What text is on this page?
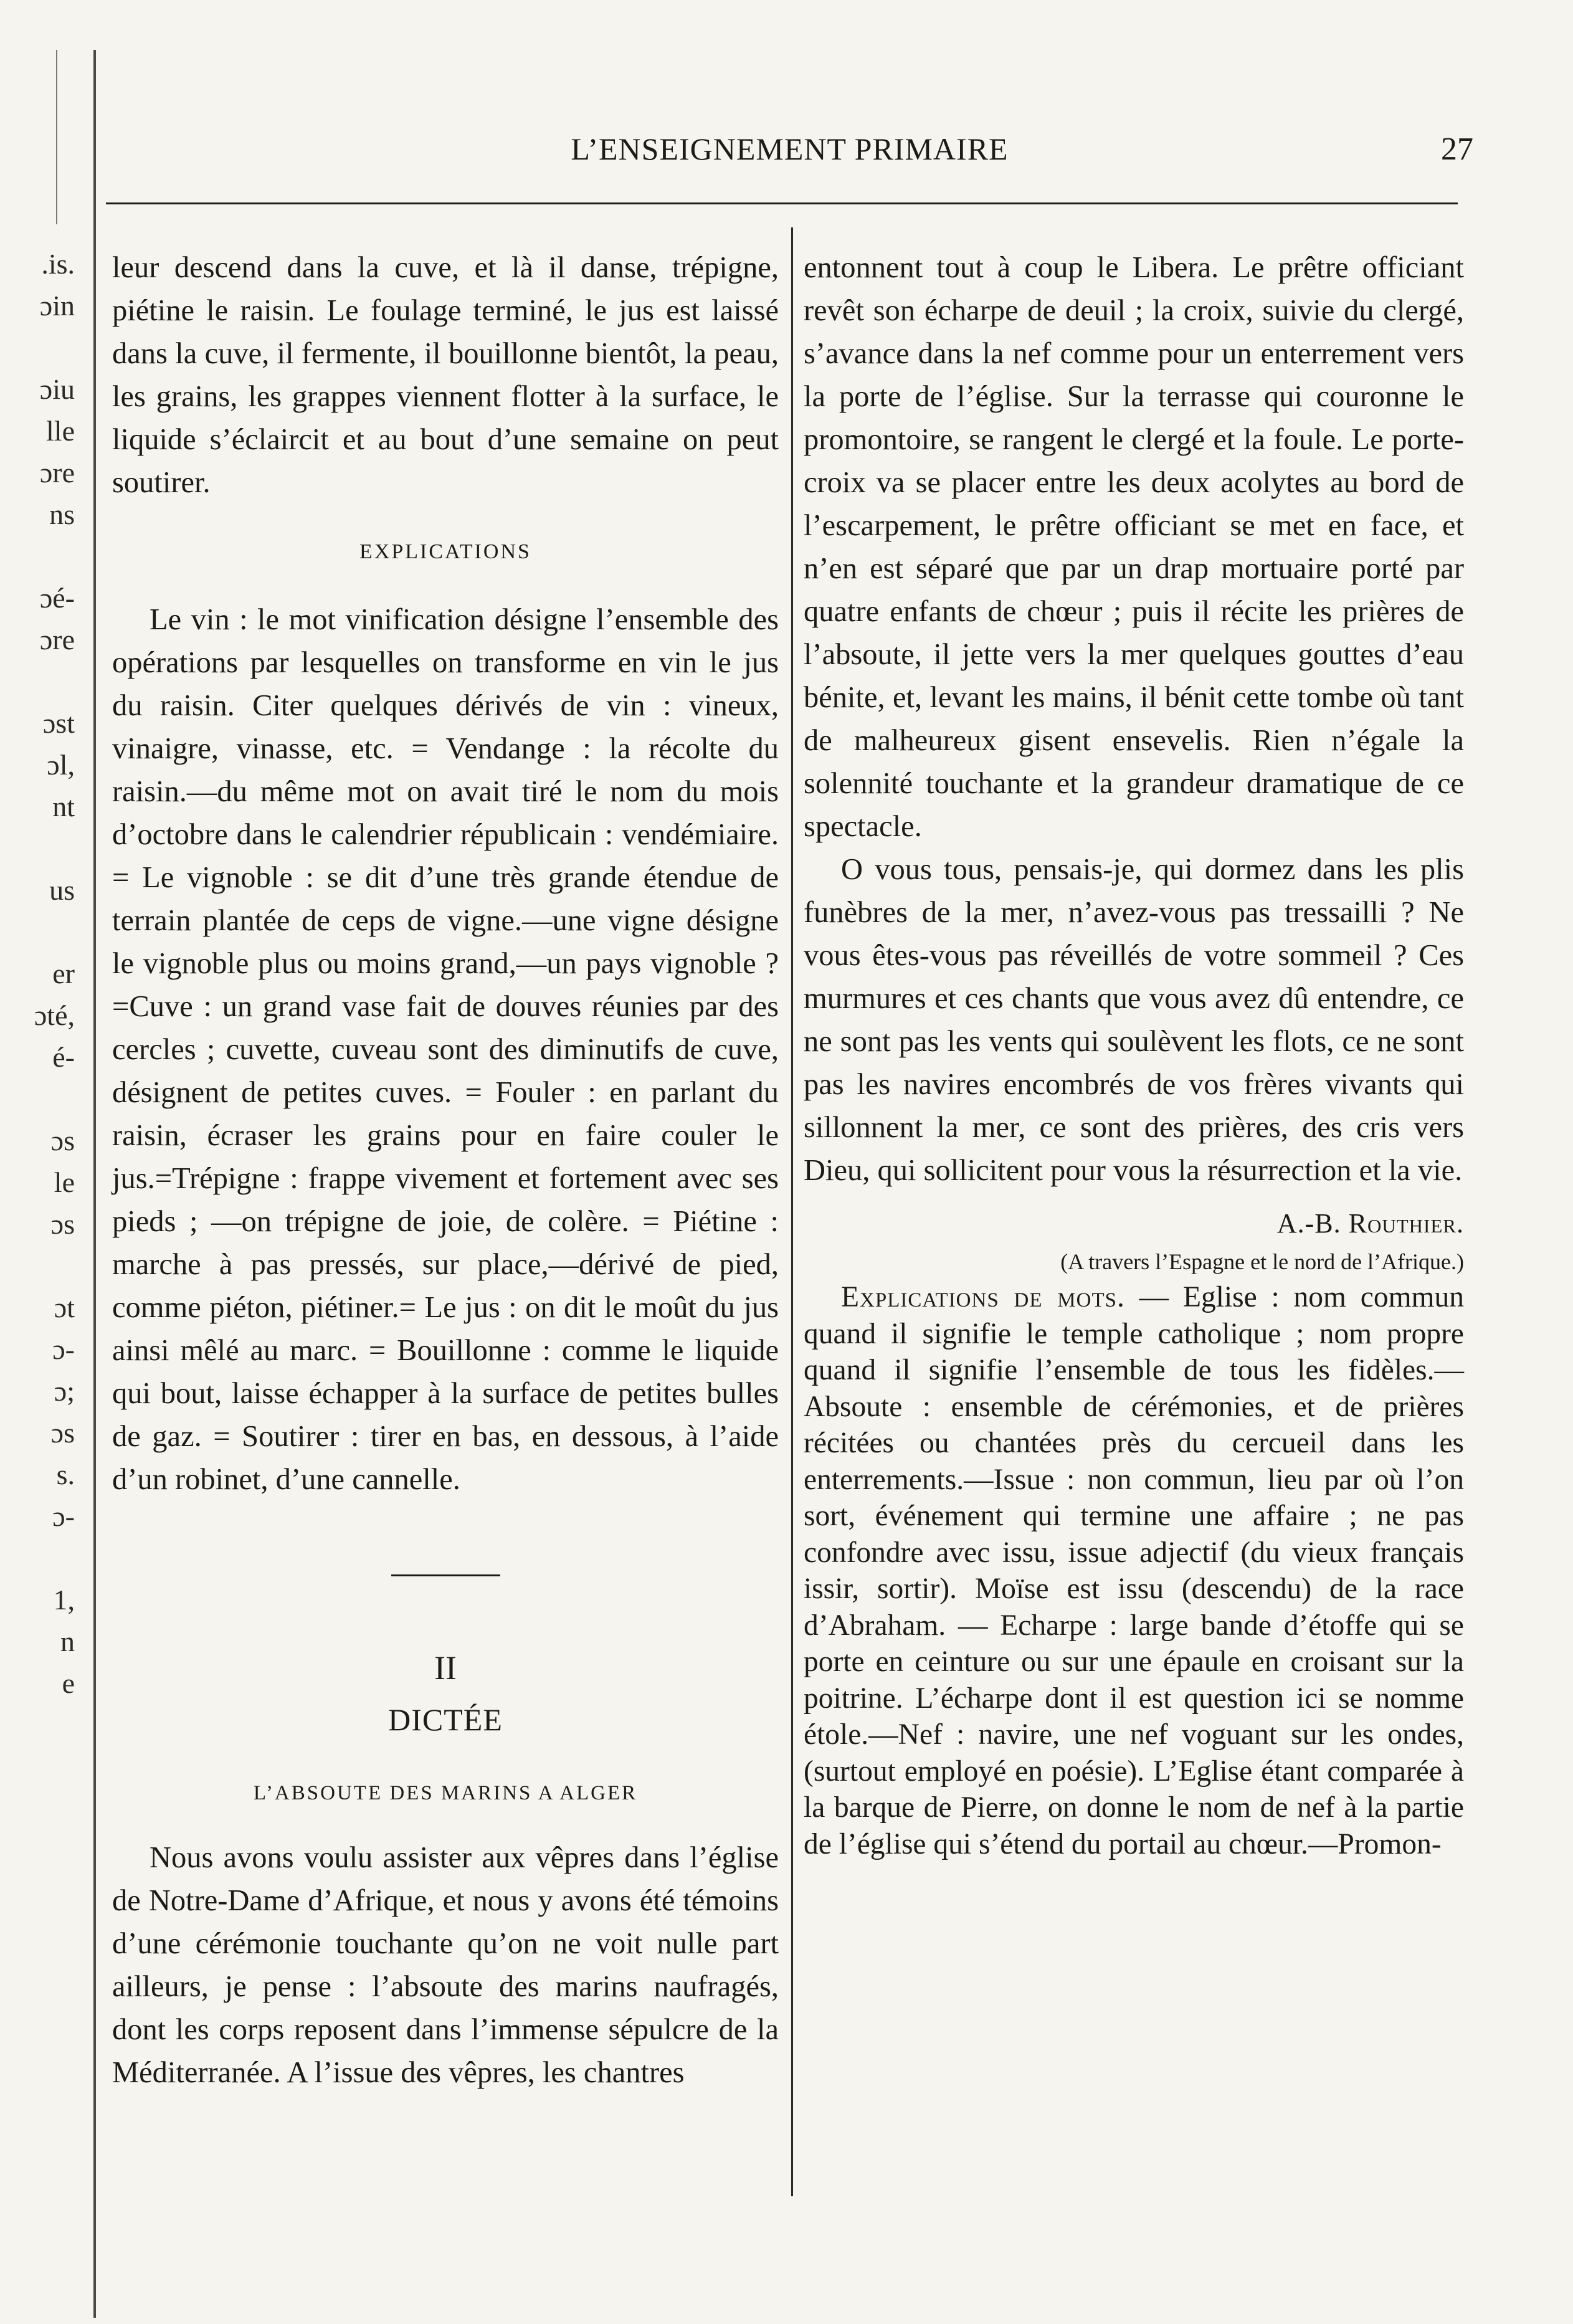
.is.
ɔin
ɔiu
lle
ɔre
ns
ɔé-
ɔre
ɔst
ɔl,
nt
us
er
ɔté,
é-
ɔs
le
ɔs
ɔt
ɔ-
ɔ;
ɔs
s.
ɔ-
1,
n
e
L’ENSEIGNEMENT PRIMAIRE	27

leur descend dans la cuve, et là il danse, trépigne, piétine le raisin. Le foulage terminé, le jus est laissé dans la cuve, il fermente, il bouillonne bientôt, la peau, les grains, les grappes viennent flotter à la surface, le liquide s’éclaircit et au bout d’une semaine on peut soutirer.

EXPLICATIONS

Le vin : le mot vinification désigne l’ensemble des opérations par lesquelles on transforme en vin le jus du raisin. Citer quelques dérivés de vin : vineux, vinaigre, vinasse, etc. = Vendange : la récolte du raisin.—du même mot on avait tiré le nom du mois d’octobre dans le calendrier républicain : vendémiaire. = Le vignoble : se dit d’une très grande étendue de terrain plantée de ceps de vigne.—une vigne désigne le vignoble plus ou moins grand,—un pays vignoble ?=Cuve : un grand vase fait de douves réunies par des cercles ; cuvette, cuveau sont des diminutifs de cuve, désignent de petites cuves. = Fouler : en parlant du raisin, écraser les grains pour en faire couler le jus.=Trépigne : frappe vivement et fortement avec ses pieds ; —on trépigne de joie, de colère. = Piétine : marche à pas pressés, sur place,—dérivé de pied, comme piéton, piétiner.= Le jus : on dit le moût du jus ainsi mêlé au marc. = Bouillonne : comme le liquide qui bout, laisse échapper à la surface de petites bulles de gaz. = Soutirer : tirer en bas, en dessous, à l’aide d’un robinet, d’une cannelle.

II
DICTÉE
L’ABSOUTE DES MARINS A ALGER

Nous avons voulu assister aux vêpres dans l’église de Notre-Dame d’Afrique, et nous y avons été témoins d’une cérémonie touchante qu’on ne voit nulle part ailleurs, je pense : l’absoute des marins naufragés, dont les corps reposent dans l’immense sépulcre de la Méditerranée. A l’issue des vêpres, les chantres

entonnent tout à coup le Libera. Le prêtre officiant revêt son écharpe de deuil ; la croix, suivie du clergé, s’avance dans la nef comme pour un enterrement vers la porte de l’église. Sur la terrasse qui couronne le promontoire, se rangent le clergé et la foule. Le porte-croix va se placer entre les deux acolytes au bord de l’escarpement, le prêtre officiant se met en face, et n’en est séparé que par un drap mortuaire porté par quatre enfants de chœur ; puis il récite les prières de l’absoute, il jette vers la mer quelques gouttes d’eau bénite, et, levant les mains, il bénit cette tombe où tant de malheureux gisent ensevelis. Rien n’égale la solennité touchante et la grandeur dramatique de ce spectacle.

O vous tous, pensais-je, qui dormez dans les plis funèbres de la mer, n’avez-vous pas tressailli ? Ne vous êtes-vous pas réveillés de votre sommeil ? Ces murmures et ces chants que vous avez dû entendre, ce ne sont pas les vents qui soulèvent les flots, ce ne sont pas les navires encombrés de vos frères vivants qui sillonnent la mer, ce sont des prières, des cris vers Dieu, qui sollicitent pour vous la résurrection et la vie.

A.-B. Routhier.
(A travers l’Espagne et le nord de l’Afrique.)

Explications de mots. — Eglise : nom commun quand il signifie le temple catholique ; nom propre quand il signifie l’ensemble de tous les fidèles.—Absoute : ensemble de cérémonies, et de prières récitées ou chantées près du cercueil dans les enterrements.—Issue : non commun, lieu par où l’on sort, événement qui termine une affaire ; ne pas confondre avec issu, issue adjectif (du vieux français issir, sortir). Moïse est issu (descendu) de la race d’Abraham. — Echarpe : large bande d’étoffe qui se porte en ceinture ou sur une épaule en croisant sur la poitrine. L’écharpe dont il est question ici se nomme étole.—Nef : navire, une nef voguant sur les ondes, (surtout employé en poésie). L’Eglise étant comparée à la barque de Pierre, on donne le nom de nef à la partie de l’église qui s’étend du portail au chœur.—Promon-
